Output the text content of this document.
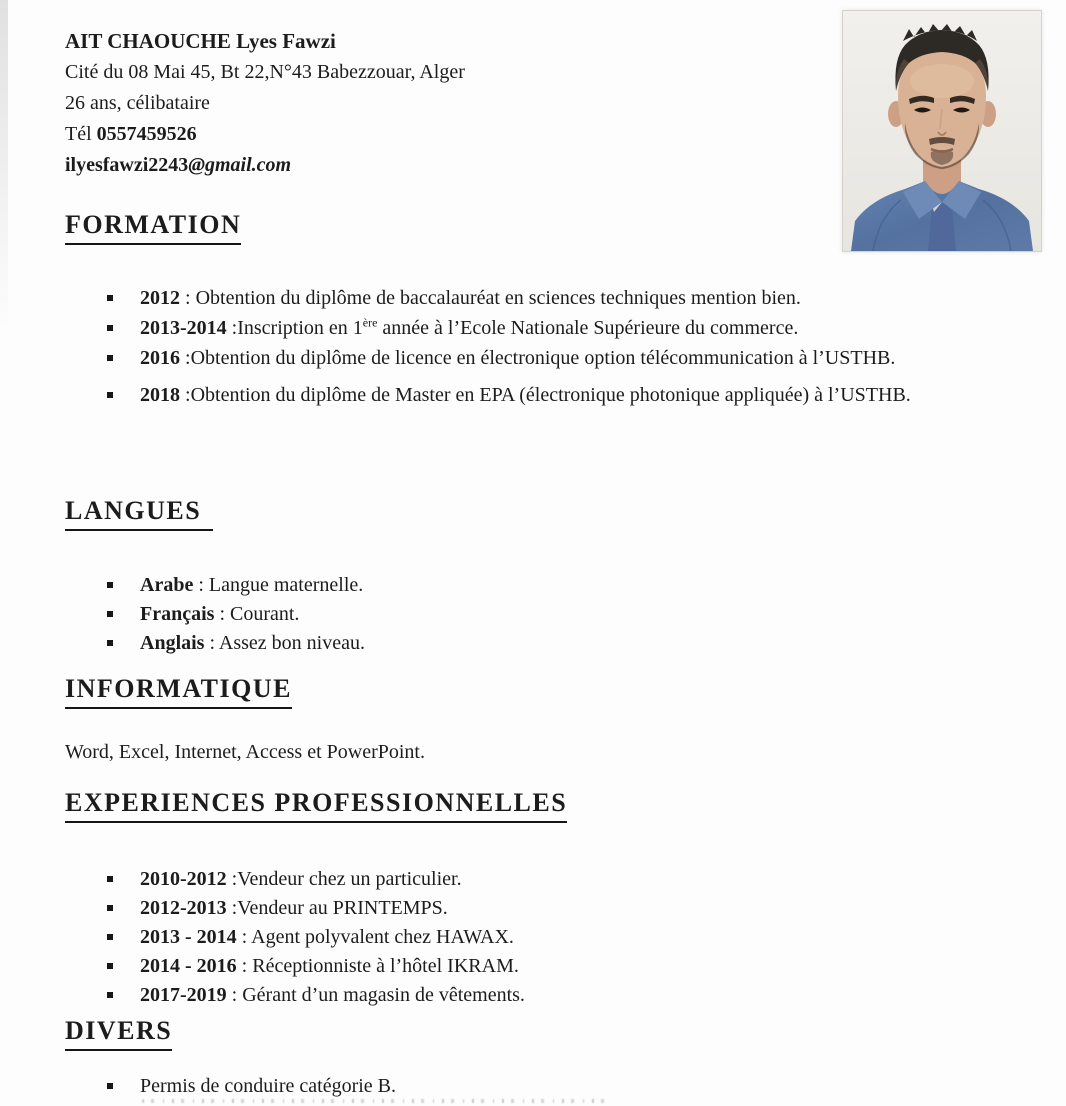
AIT CHAOUCHE Lyes Fawzi
Cité du 08 Mai 45, Bt 22,N°43 Babezzouar, Alger
26 ans, célibataire
Tél 0557459526
ilyesfawzi2243@gmail.com
FORMATION
2012 : Obtention du diplôme de baccalauréat en sciences techniques mention bien.
2013-2014 :Inscription en 1ère année à l’Ecole Nationale Supérieure du commerce.
2016 :Obtention du diplôme de licence en électronique option télécommunication à l’USTHB.
2018 :Obtention du diplôme de Master en EPA (électronique photonique appliquée) à l’USTHB.
LANGUES
Arabe : Langue maternelle.
Français : Courant.
Anglais : Assez bon niveau.
INFORMATIQUE

Word, Excel, Internet, Access et PowerPoint.

EXPERIENCES PROFESSIONNELLES
2010-2012 :Vendeur chez un particulier.
2012-2013 :Vendeur au PRINTEMPS.
2013 - 2014 : Agent polyvalent chez HAWAX.
2014 - 2016 : Réceptionniste à l’hôtel IKRAM.
2017-2019 : Gérant d’un magasin de vêtements.
DIVERS
Permis de conduire catégorie B.
